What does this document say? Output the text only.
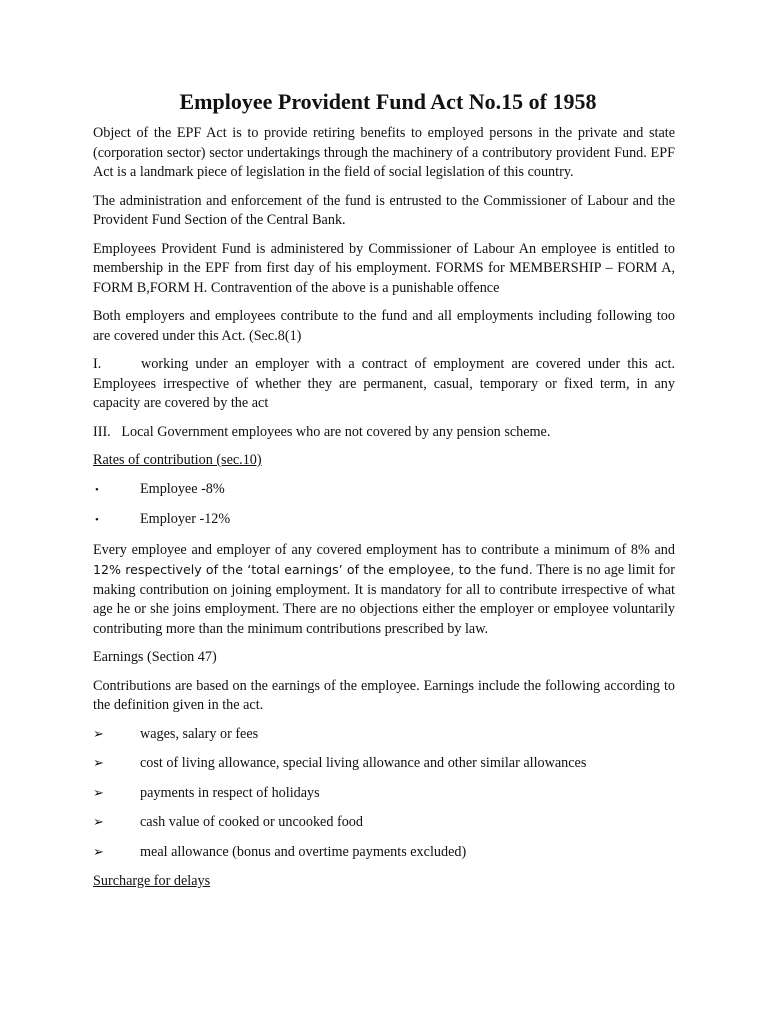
Employee Provident Fund Act No.15 of 1958

Object of the EPF Act is to provide retiring benefits to employed persons in the private and state (corporation sector) sector undertakings through the machinery of a contributory provident Fund. EPF Act is a landmark piece of legislation in the field of social legislation of this country.

The administration and enforcement of the fund is entrusted to the Commissioner of Labour and the Provident Fund Section of the Central Bank.

Employees Provident Fund is administered by Commissioner of Labour An employee is entitled to membership in the EPF from first day of his employment. FORMS for MEMBERSHIP – FORM A, FORM B,FORM H. Contravention of the above is a punishable offence

Both employers and employees contribute to the fund and all employments including following too are covered under this Act. (Sec.8(1)

I.	working under an employer with a contract of employment are covered under this act. Employees irrespective of whether they are permanent, casual, temporary or fixed term, in any capacity are covered by the act

III. Local Government employees who are not covered by any pension scheme.

Rates of contribution (sec.10)

•	Employee -8%
•	Employer -12%

Every employee and employer of any covered employment has to contribute a minimum of 8% and 12% respectively of the ‘total earnings’ of the employee, to the fund. There is no age limit for making contribution on joining employment. It is mandatory for all to contribute irrespective of what age he or she joins employment. There are no objections either the employer or employee voluntarily contributing more than the minimum contributions prescribed by law.

Earnings (Section 47)

Contributions are based on the earnings of the employee. Earnings include the following according to the definition given in the act.

➢	wages, salary or fees
➢	cost of living allowance, special living allowance and other similar allowances
➢	payments in respect of holidays
➢	cash value of cooked or uncooked food
➢	meal allowance (bonus and overtime payments excluded)

Surcharge for delays
